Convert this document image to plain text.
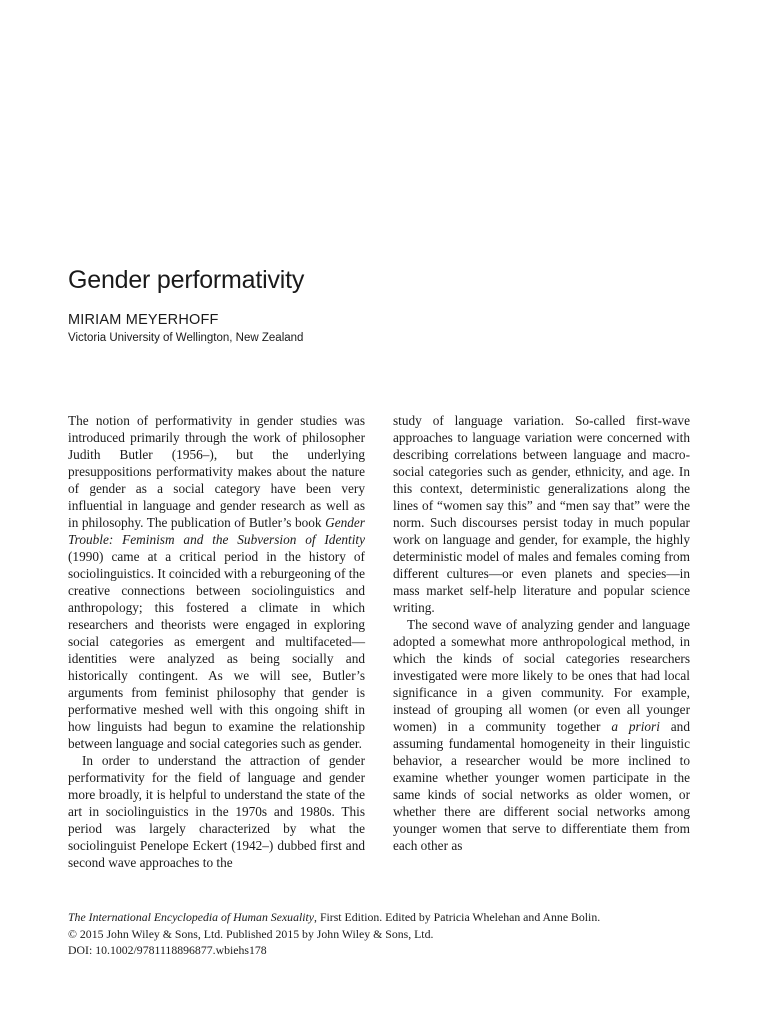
Gender performativity
MIRIAM MEYERHOFF
Victoria University of Wellington, New Zealand

The notion of performativity in gender studies was introduced primarily through the work of philosopher Judith Butler (1956–), but the underlying presuppositions performativity makes about the nature of gender as a social category have been very influential in language and gender research as well as in philosophy. The publication of Butler’s book Gender Trouble: Feminism and the Subversion of Identity (1990) came at a critical period in the history of sociolinguistics. It coincided with a reburgeoning of the creative connections between sociolinguistics and anthropology; this fostered a climate in which researchers and theorists were engaged in exploring social categories as emergent and multifaceted—identities were analyzed as being socially and historically contingent. As we will see, Butler’s arguments from feminist philosophy that gender is performative meshed well with this ongoing shift in how linguists had begun to examine the relationship between language and social categories such as gender.

In order to understand the attraction of gender performativity for the field of language and gender more broadly, it is helpful to understand the state of the art in sociolinguistics in the 1970s and 1980s. This period was largely characterized by what the sociolinguist Penelope Eckert (1942–) dubbed first and second wave approaches to the

study of language variation. So-called first-wave approaches to language variation were concerned with describing correlations between language and macro-social categories such as gender, ethnicity, and age. In this context, deterministic generalizations along the lines of “women say this” and “men say that” were the norm. Such discourses persist today in much popular work on language and gender, for example, the highly deterministic model of males and females coming from different cultures—or even planets and species—in mass market self-help literature and popular science writing.

The second wave of analyzing gender and language adopted a somewhat more anthropological method, in which the kinds of social categories researchers investigated were more likely to be ones that had local significance in a given community. For example, instead of grouping all women (or even all younger women) in a community together a priori and assuming fundamental homogeneity in their linguistic behavior, a researcher would be more inclined to examine whether younger women participate in the same kinds of social networks as older women, or whether there are different social networks among younger women that serve to differentiate them from each other as

The International Encyclopedia of Human Sexuality, First Edition. Edited by Patricia Whelehan and Anne Bolin.
© 2015 John Wiley & Sons, Ltd. Published 2015 by John Wiley & Sons, Ltd.
DOI: 10.1002/9781118896877.wbiehs178
